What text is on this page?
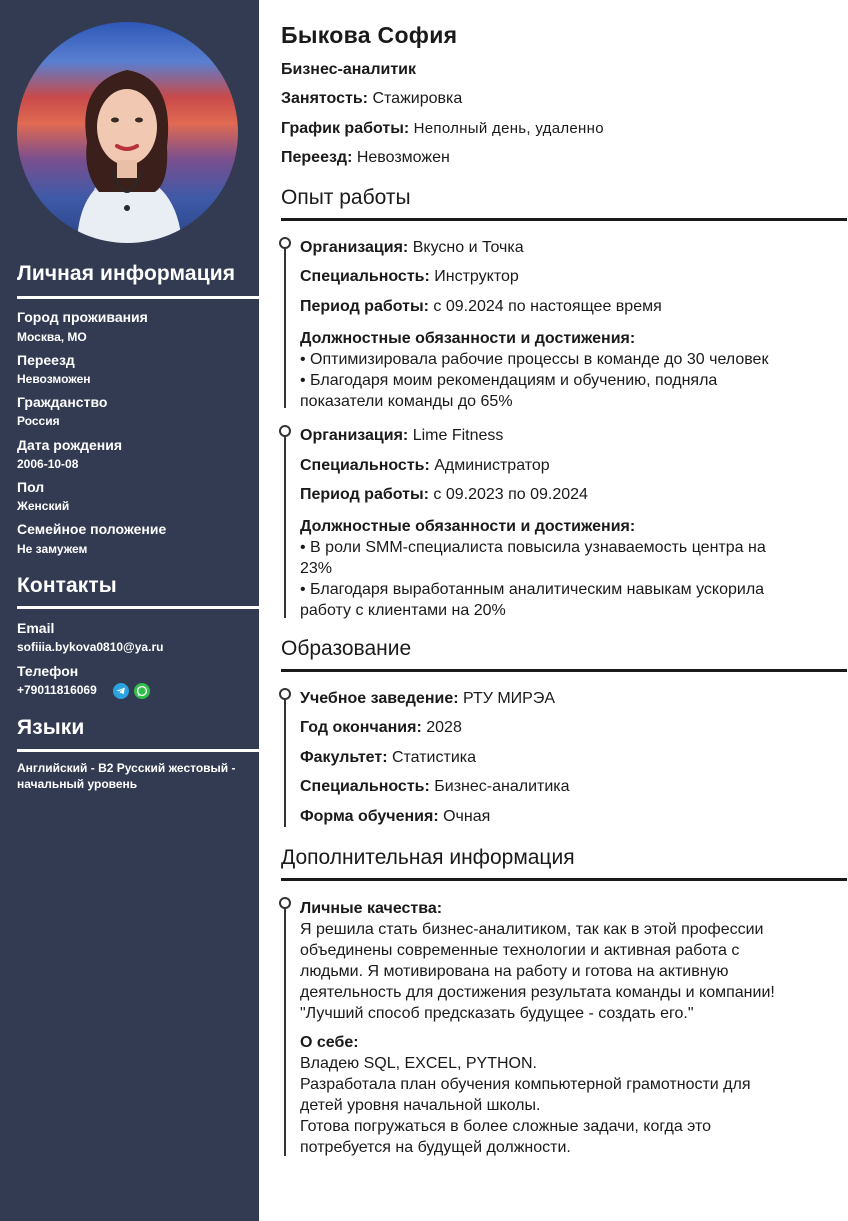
Личная информация
Город проживания
Москва, МО
Переезд
Невозможен
Гражданство
Россия
Дата рождения
2006-10-08
Пол
Женский
Семейное положение
Не замужем
Контакты
Email
sofiiia.bykova0810@ya.ru
Телефон
+79011816069
Языки
Английский - B2 Русский жестовый -
начальный уровень
Быкова София
Бизнес-аналитик
Занятость: Стажировка
График работы: Неполный день, удаленно
Переезд: Невозможен
Опыт работы
Организация: Вкусно и Точка
Специальность: Инструктор
Период работы: с 09.2024 по настоящее время
Должностные обязанности и достижения:
• Оптимизировала рабочие процессы в команде до 30 человек
• Благодаря моим рекомендациям и обучению, подняла
показатели команды до 65%
Организация: Lime Fitness
Специальность: Администратор
Период работы: с 09.2023 по 09.2024
Должностные обязанности и достижения:
• В роли SMM-специалиста повысила узнаваемость центра на
23%
• Благодаря выработанным аналитическим навыкам ускорила
работу с клиентами на 20%
Образование
Учебное заведение: РТУ МИРЭА
Год окончания: 2028
Факультет: Статистика
Специальность: Бизнес-аналитика
Форма обучения: Очная
Дополнительная информация
Личные качества:
Я решила стать бизнес-аналитиком, так как в этой профессии
объединены современные технологии и активная работа с
людьми. Я мотивирована на работу и готова на активную
деятельность для достижения результата команды и компании!
"Лучший способ предсказать будущее - создать его."
О себе:
Владею SQL, EXCEL, PYTHON.
Разработала план обучения компьютерной грамотности для
детей уровня начальной школы.
Готова погружаться в более сложные задачи, когда это
потребуется на будущей должности.
